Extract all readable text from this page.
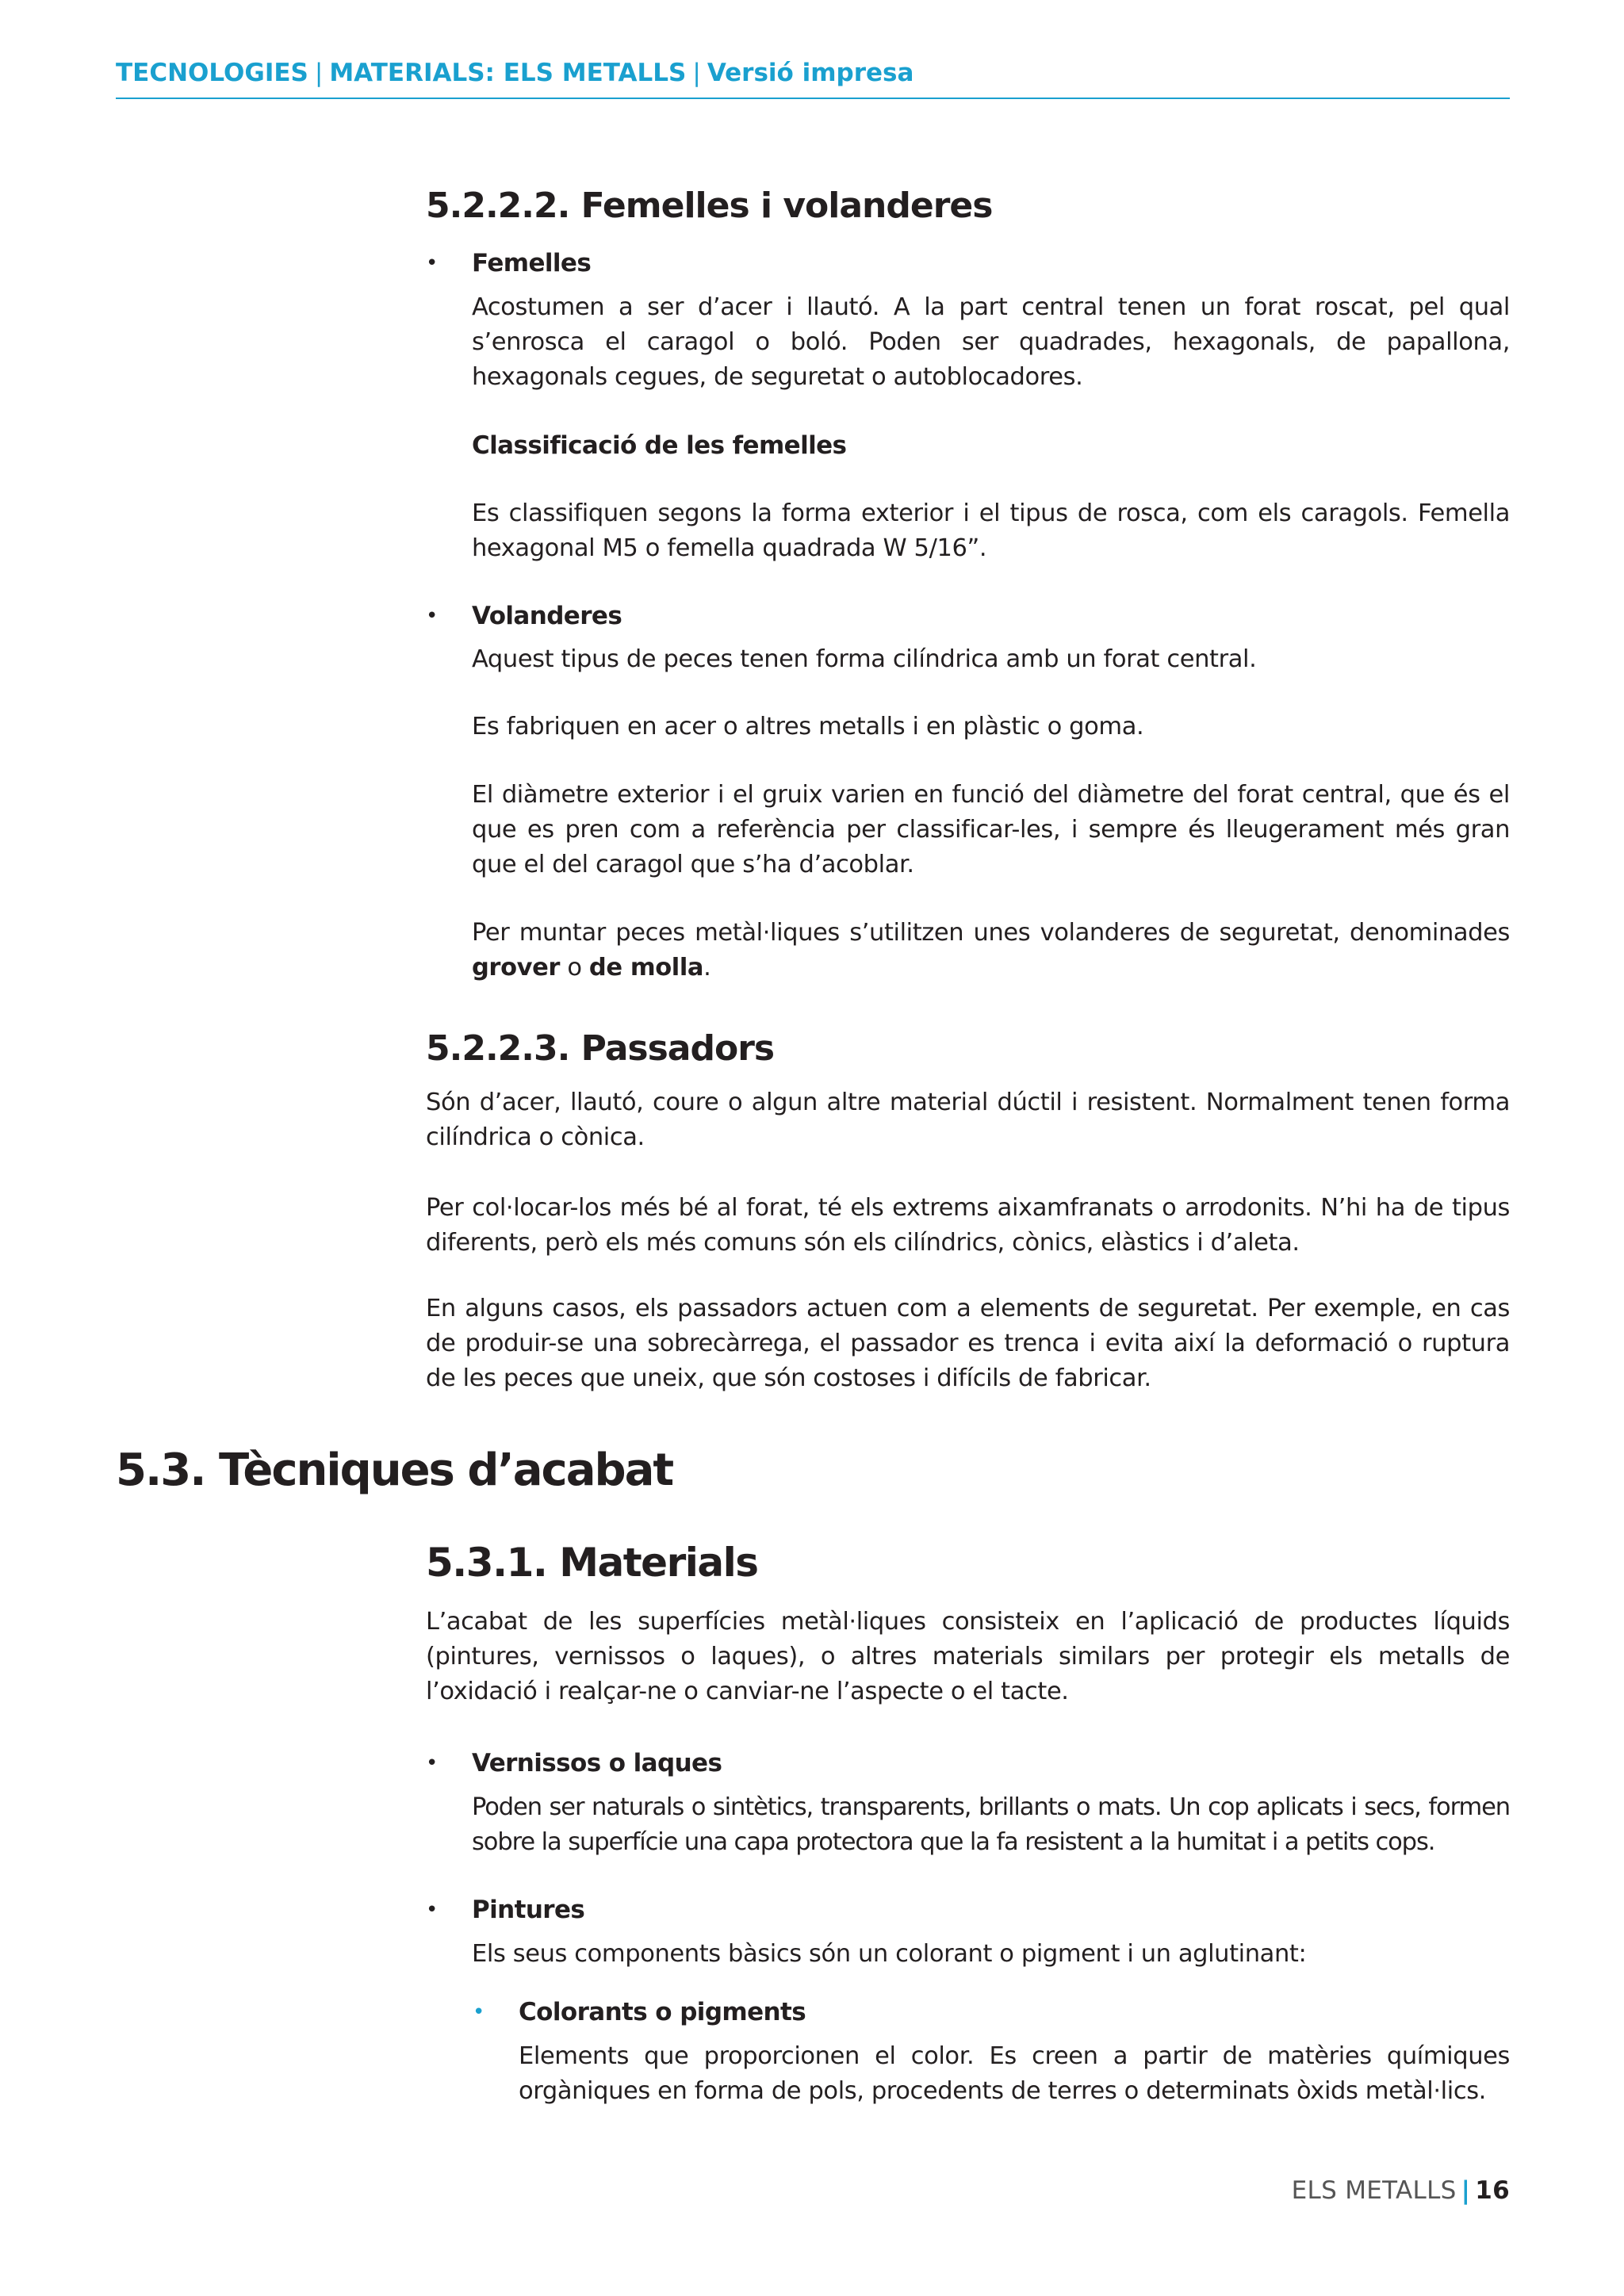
TECNOLOGIES | MATERIALS: ELS METALLS | Versió impresa
5.2.2.2. Femelles i volanderes
• Femelles

Acostumen a ser d’acer i llautó. A la part central tenen un forat roscat, pel qual s’enrosca el caragol o boló. Poden ser quadrades, hexagonals, de papallona, hexagonals cegues, de seguretat o autoblocadores.

Classificació de les femelles

Es classifiquen segons la forma exterior i el tipus de rosca, com els caragols. Femella hexagonal M5 o femella quadrada W 5/16”.

• Volanderes

Aquest tipus de peces tenen forma cilíndrica amb un forat central.

Es fabriquen en acer o altres metalls i en plàstic o goma.

El diàmetre exterior i el gruix varien en funció del diàmetre del forat central, que és el que es pren com a referència per classificar-les, i sempre és lleugerament més gran que el del caragol que s’ha d’acoblar.

Per muntar peces metàl·liques s’utilitzen unes volanderes de seguretat, denominades grover o de molla.

5.2.2.3. Passadors

Són d’acer, llautó, coure o algun altre material dúctil i resistent. Normalment tenen forma cilíndrica o cònica.

Per col·locar-los més bé al forat, té els extrems aixamfranats o arrodonits. N’hi ha de tipus diferents, però els més comuns són els cilíndrics, cònics, elàstics i d’aleta.

En alguns casos, els passadors actuen com a elements de seguretat. Per exemple, en cas de produir-se una sobrecàrrega, el passador es trenca i evita així la deformació o ruptura de les peces que uneix, que són costoses i difícils de fabricar.

5.3. Tècniques d’acabat
5.3.1. Materials

L’acabat de les superfícies metàl·liques consisteix en l’aplicació de productes líquids (pintures, vernissos o laques), o altres materials similars per protegir els metalls de l’oxidació i realçar-ne o canviar-ne l’aspecte o el tacte.

• Vernissos o laques

Poden ser naturals o sintètics, transparents, brillants o mats. Un cop aplicats i secs, formen sobre la superfície una capa protectora que la fa resistent a la humitat i a petits cops.

• Pintures

Els seus components bàsics són un colorant o pigment i un aglutinant:

• Colorants o pigments

Elements que proporcionen el color. Es creen a partir de matèries químiques orgàniques en forma de pols, procedents de terres o determinats òxids metàl·lics.

ELS METALLS | 16
